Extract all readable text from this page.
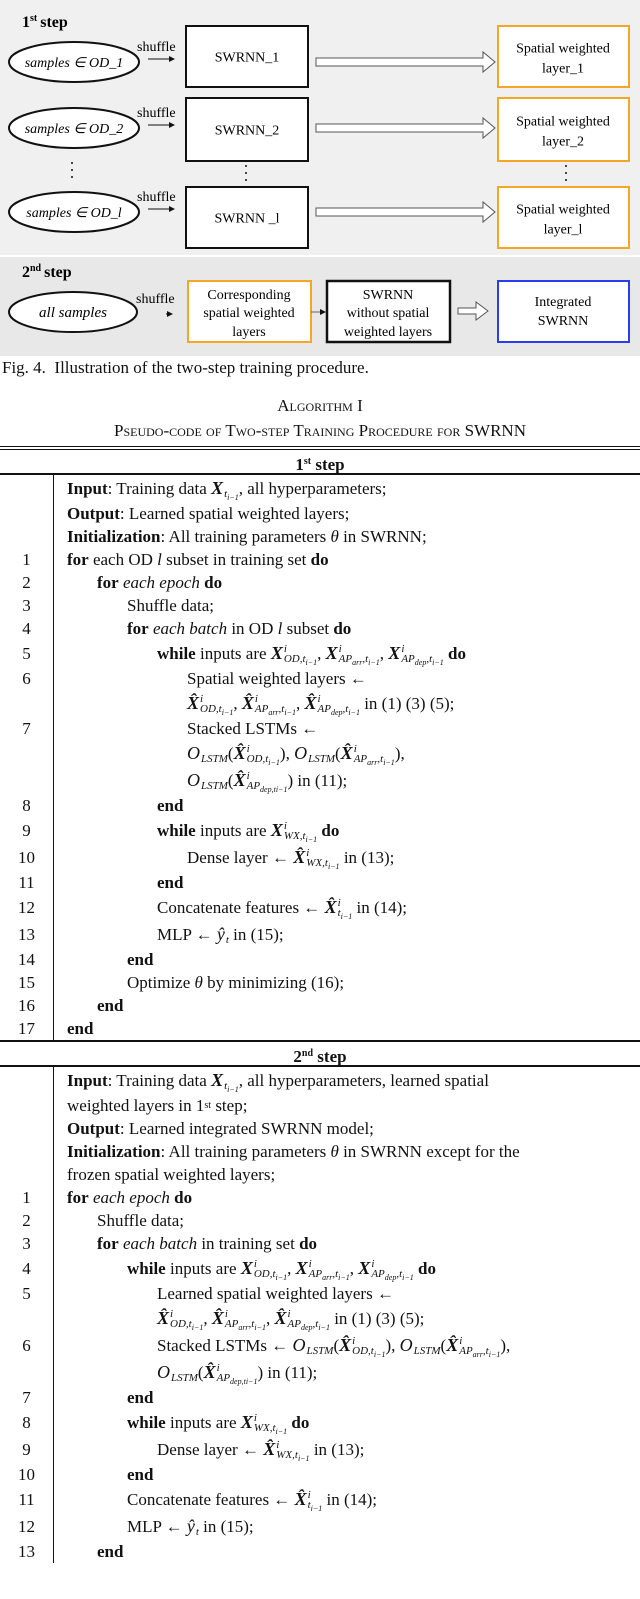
1st step
samples ∈ OD_1
shuffle
SWRNN_1
Spatial weighted
layer_1
samples ∈ OD_2
shuffle
SWRNN_2
Spatial weighted
layer_2
samples ∈ OD_l
shuffle
SWRNN _l
Spatial weighted
layer_l
2nd step
all samples
shuffle Corresponding spatial weighted layers
SWRNN without spatial weighted layers
Integrated SWRNN
Fig. 4.  Illustration of the two-step training procedure.
Algorithm I
Pseudo-code of Two-step Training Procedure for SWRNN
1st step
Input : Training data X $t_{i-1}$ , all hyperparameters;
Output : Learned spatial weighted layers;
Initialization : All training parameters θ in SWRNN;
1	for each OD l subset in training set do
2	for each epoch
do
3	Shuffle data;
4	for each batch in OD l subset do
5	while inputs are X i
$OD,t_{i-1}$ , X i
$AP_{arr},t_{i-1}$ , X i
$AP_{dep},t_{i-1}$
do
6	Spatial weighted layers ←
X̂ i
$OD,t_{i-1}$ , X̂ i
$AP_{arr},t_{i-1}$ , X̂ i
$AP_{dep},t_{i-1}$ in (1) (3) (5);
7	Stacked LSTMs ←
O LSTM ( X̂ i
$OD,t_{i-1}$ ), O LSTM ( X̂ i
$AP_{arr},t_{i-1}$ ),
O LSTM ( X̂ i
$AP_{dep,ti-1}$ ) in (11);
8	end
9	while inputs are X i
$WX,t_{i-1}$
do
10	Dense layer ← X̂ i
$WX,t_{i-1}$ in (13);
11	end
12	Concatenate features ← X̂ i
$t_{i-1}$ in (14);
13	MLP ← ŷ t in (15);
14	end
15	Optimize θ by minimizing (16);
16	end
17	end
2nd step
Input : Training data X $t_{i-1}$ , all hyperparameters, learned spatial
weighted layers in 1 st step;
Output : Learned integrated SWRNN model;
Initialization : All training parameters θ in SWRNN except for the
frozen spatial weighted layers;
1	for each epoch
do
2	Shuffle data;
3	for each batch in training set do
4	while inputs are X i
$OD,t_{i-1}$ , X i
$AP_{arr},t_{i-1}$ , X i
$AP_{dep},t_{i-1}$
do
5	Learned spatial weighted layers ←
X̂ i
$OD,t_{i-1}$ , X̂ i
$AP_{arr},t_{i-1}$ , X̂ i
$AP_{dep},t_{i-1}$ in (1) (3) (5);
6	Stacked LSTMs ← O LSTM ( X̂ i
$OD,t_{i-1}$ ), O LSTM ( X̂ i
$AP_{arr},t_{i-1}$ ),
O LSTM ( X̂ i
$AP_{dep,ti-1}$ ) in (11);
7	end
8	while inputs are X i
$WX,t_{i-1}$
do
9	Dense layer ← X̂ i
$WX,t_{i-1}$ in (13);
10	end
11	Concatenate features ← X̂ i
$t_{i-1}$ in (14);
12	MLP ← ŷ t in (15);
13	end
